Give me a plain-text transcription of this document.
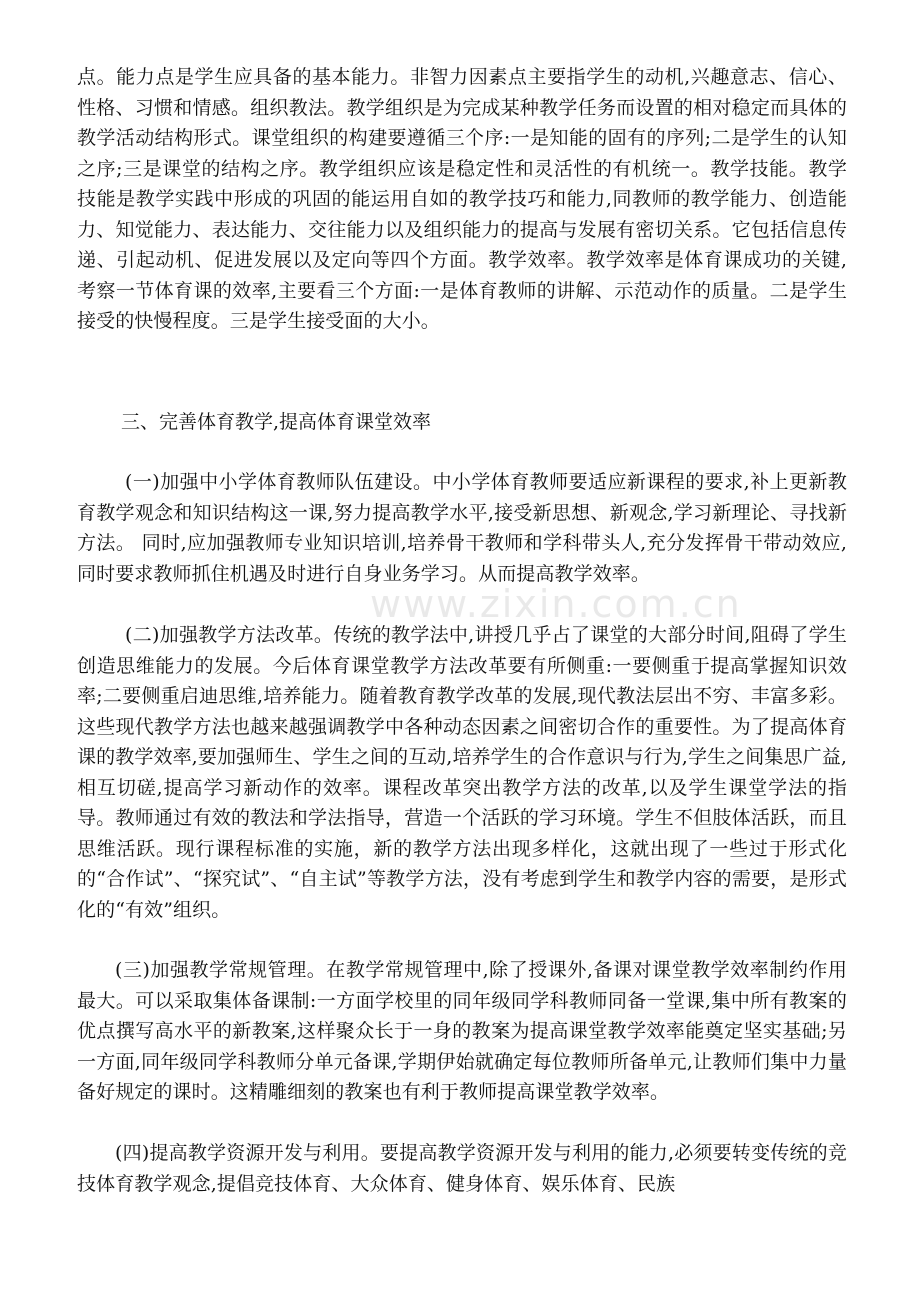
www.zixin.com.cn

点。能力点是学生应具备的基本能力。非智力因素点主要指学生的动机,兴趣意志、信心、性格、习惯和情感。组织教法。教学组织是为完成某种教学任务而设置的相对稳定而具体的教学活动结构形式。课堂组织的构建要遵循三个序:一是知能的固有的序列;二是学生的认知之序;三是课堂的结构之序。教学组织应该是稳定性和灵活性的有机统一。教学技能。教学技能是教学实践中形成的巩固的能运用自如的教学技巧和能力,同教师的教学能力、创造能力、知觉能力、表达能力、交往能力以及组织能力的提高与发展有密切关系。它包括信息传递、引起动机、促进发展以及定向等四个方面。教学效率。教学效率是体育课成功的关键,考察一节体育课的效率,主要看三个方面:一是体育教师的讲解、示范动作的质量。二是学生接受的快慢程度。三是学生接受面的大小。

三、完善体育教学,提高体育课堂效率

(一)加强中小学体育教师队伍建设。中小学体育教师要适应新课程的要求,补上更新教育教学观念和知识结构这一课,努力提高教学水平,接受新思想、新观念,学习新理论、寻找新方法。 同时,应加强教师专业知识培训,培养骨干教师和学科带头人,充分发挥骨干带动效应,同时要求教师抓住机遇及时进行自身业务学习。从而提高教学效率。

(二)加强教学方法改革。传统的教学法中,讲授几乎占了课堂的大部分时间,阻碍了学生创造思维能力的发展。今后体育课堂教学方法改革要有所侧重:一要侧重于提高掌握知识效率;二要侧重启迪思维,培养能力。随着教育教学改革的发展,现代教法层出不穷、丰富多彩。这些现代教学方法也越来越强调教学中各种动态因素之间密切合作的重要性。为了提高体育课的教学效率,要加强师生、学生之间的互动,培养学生的合作意识与行为,学生之间集思广益,相互切磋,提高学习新动作的效率。课程改革突出教学方法的改革,以及学生课堂学法的指导。教师通过有效的教法和学法指导，营造一个活跃的学习环境。学生不但肢体活跃，而且思维活跃。现行课程标准的实施，新的教学方法出现多样化，这就出现了一些过于形式化的“合作试”、“探究试”、“自主试”等教学方法，没有考虑到学生和教学内容的需要，是形式化的“有效”组织。

(三)加强教学常规管理。在教学常规管理中,除了授课外,备课对课堂教学效率制约作用最大。可以采取集体备课制:一方面学校里的同年级同学科教师同备一堂课,集中所有教案的优点撰写高水平的新教案,这样聚众长于一身的教案为提高课堂教学效率能奠定坚实基础;另一方面,同年级同学科教师分单元备课,学期伊始就确定每位教师所备单元,让教师们集中力量备好规定的课时。这精雕细刻的教案也有利于教师提高课堂教学效率。

(四)提高教学资源开发与利用。要提高教学资源开发与利用的能力,必须要转变传统的竞技体育教学观念,提倡竞技体育、大众体育、健身体育、娱乐体育、民族
